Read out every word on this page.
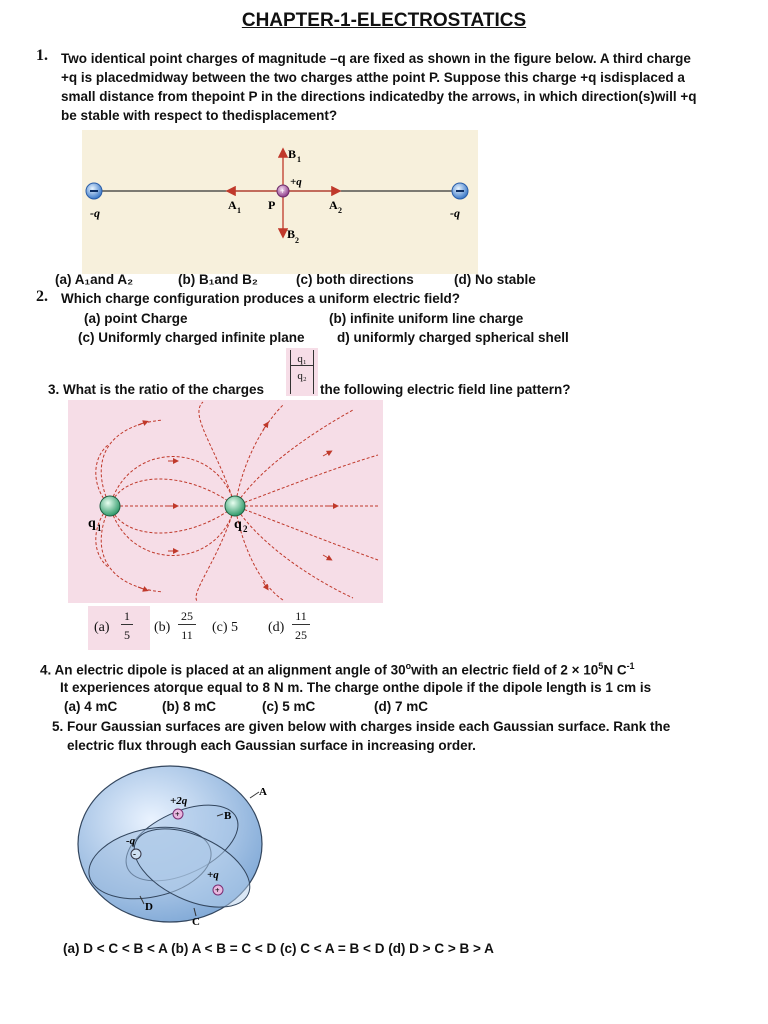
CHAPTER-1-ELECTROSTATICS
1. Two identical point charges of magnitude –q are fixed as shown in the figure below. A third charge
+q is placedmidway between the two charges atthe point P. Suppose this charge +q isdisplaced a
small distance from thepoint P in the directions indicatedby the arrows, in which direction(s)will +q
be stable with respect to thedisplacement?
+
-q	-q
+q
P
A 1	A 2
B 1
B 2
(a) A₁and A₂	(b) B₁and B₂	(c) both directions	(d) No stable
2. Which charge configuration produces a uniform electric field?
(a) point Charge	(b) infinite uniform line charge
(c) Uniformly charged infinite plane d) uniformly charged spherical shell
3. What is the ratio of the charges $\frac{\text{q₁}}{\text{q₂}}$ the following electric field line pattern?
q 1	q 2
(a)
1
5 (b)
25
11 (c) 5 (d)
11
25
4. An electric dipole is placed at an alignment angle of 30$^o$with an electric field of $2 \times 10^5N$ $C^{-1}$
It experiences atorque equal to 8 N m. The charge onthe dipole if the dipole length is 1 cm is
(a) 4 mC	(b) 8 mC	(c) 5 mC	(d) 7 mC
5. Four Gaussian surfaces are given below with charges inside each Gaussian surface. Rank the
electric flux through each Gaussian surface in increasing order.
+
-
+
+2q
-q
+q
A
B
C
D
(a) D < C < B < A (b) A < B = C < D (c) C < A = B < D (d) D > C > B > A
